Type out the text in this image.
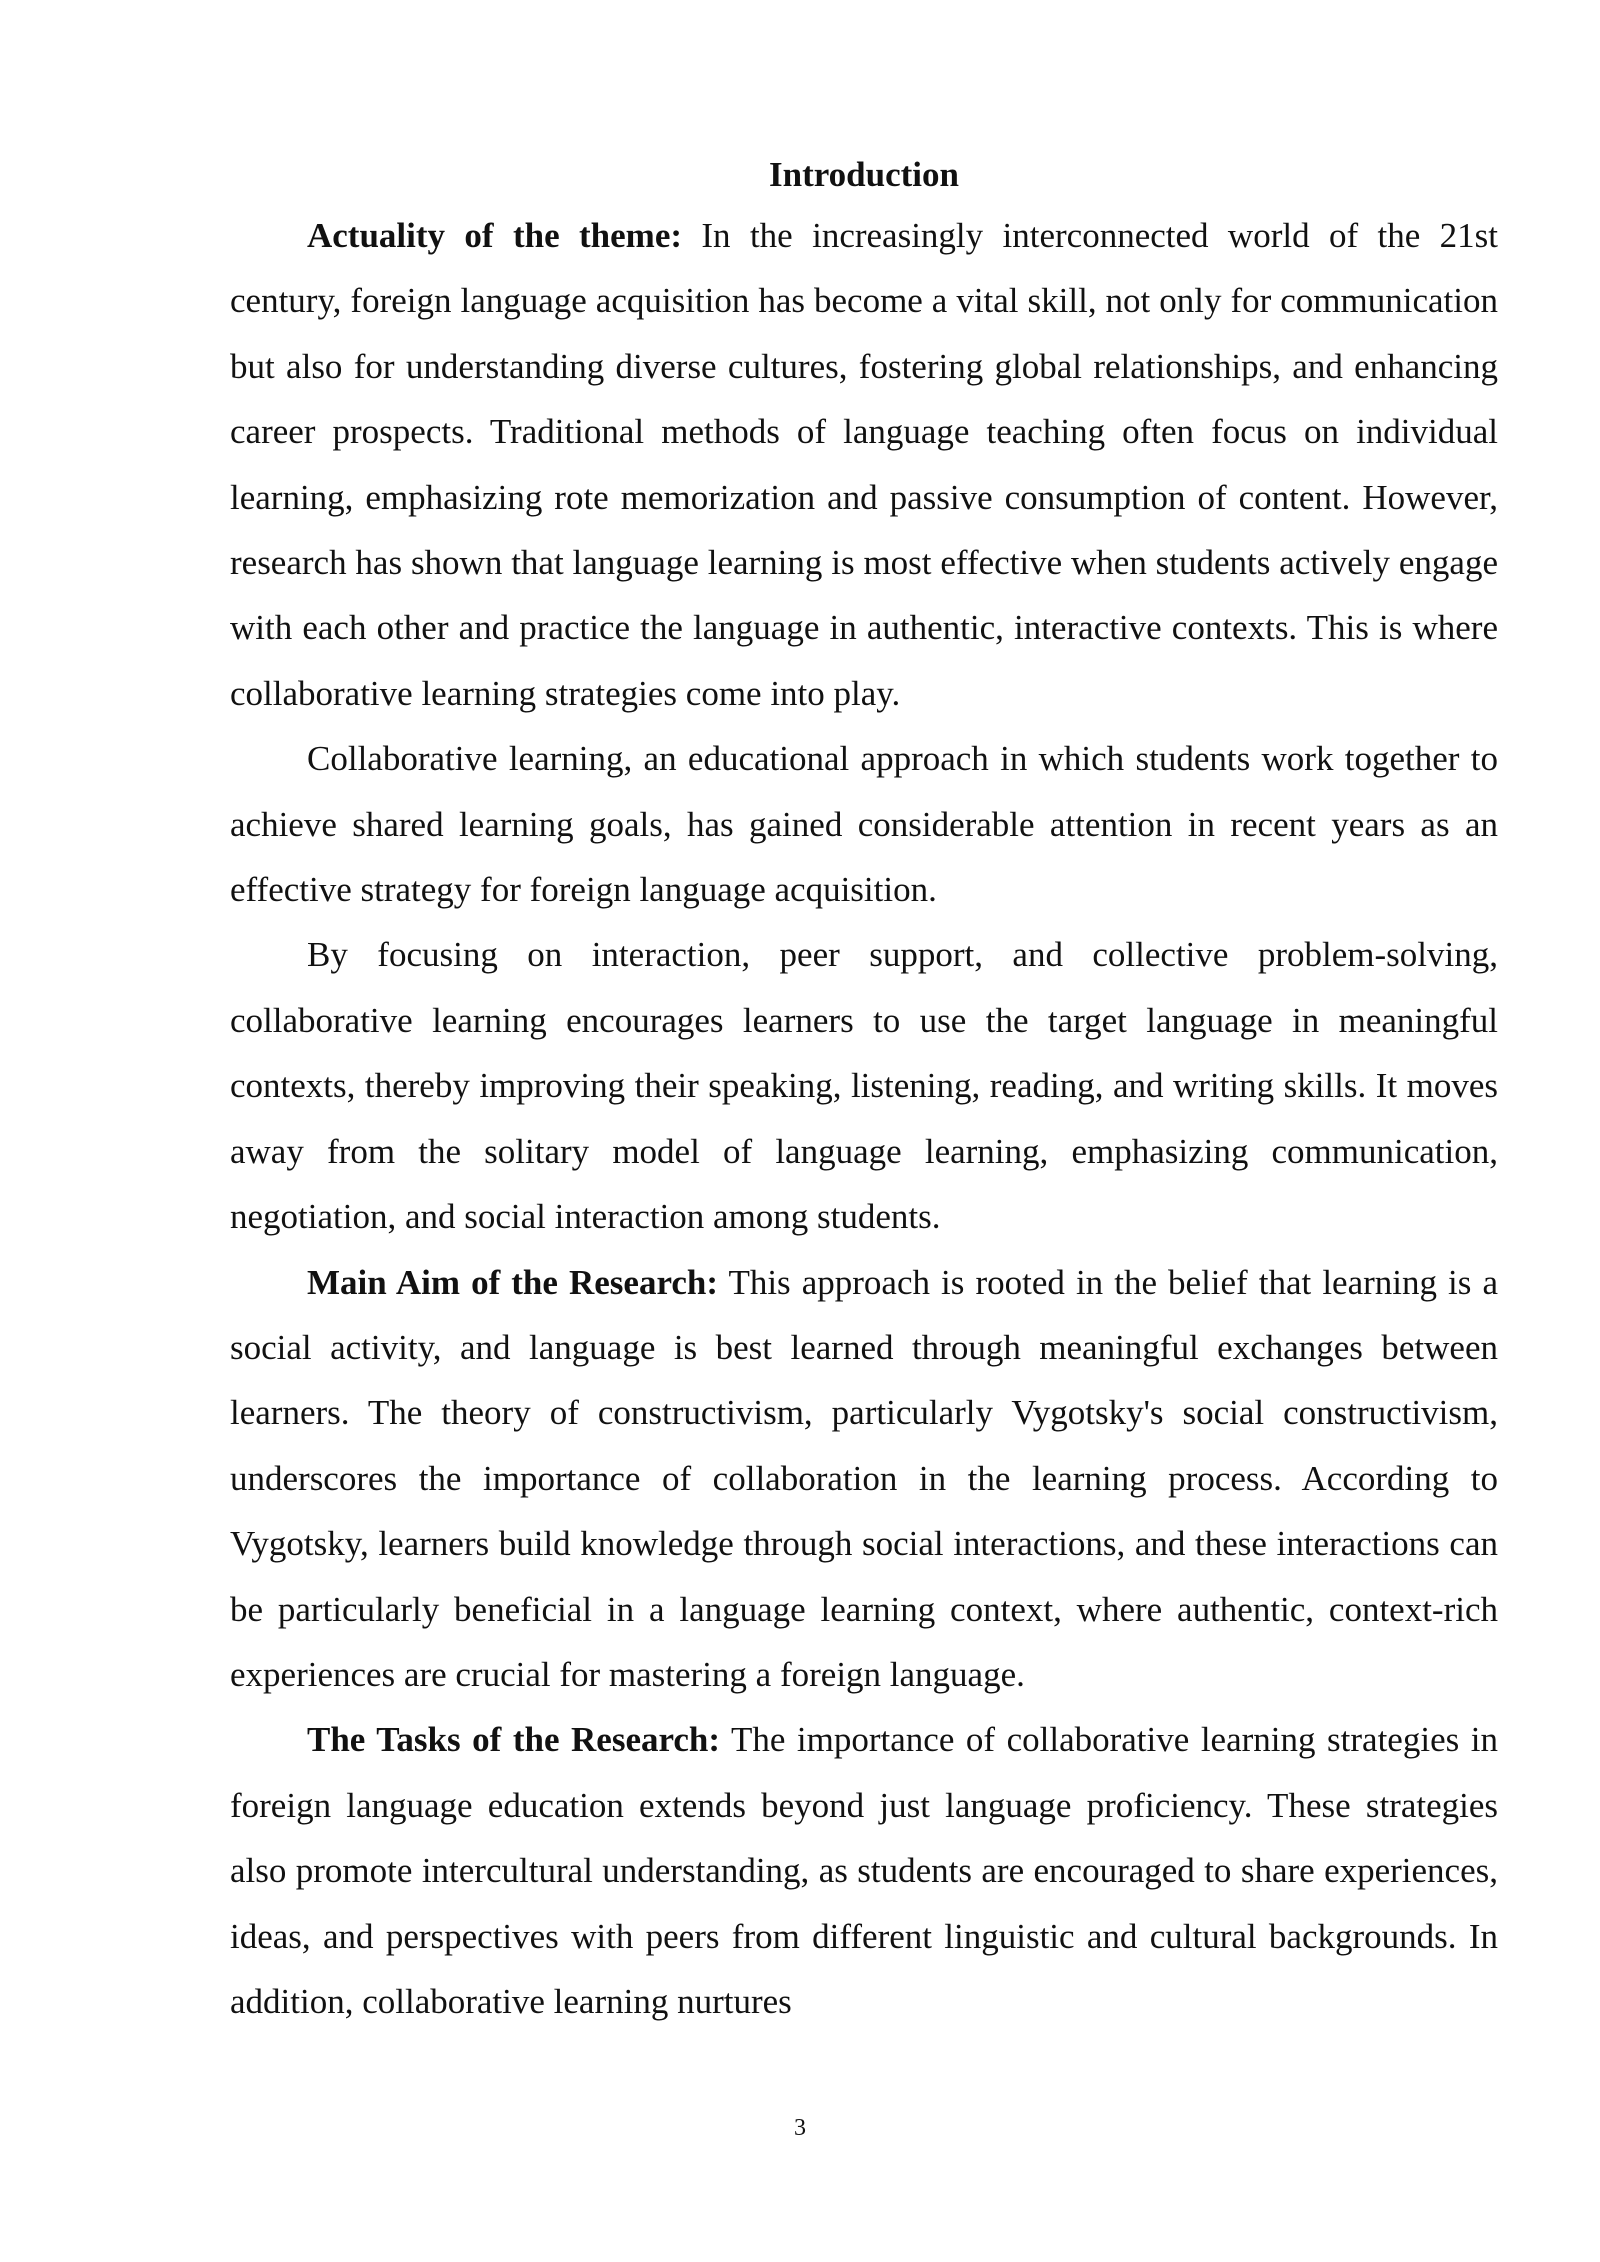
Introduction

Actuality of the theme: In the increasingly interconnected world of the 21st century, foreign language acquisition has become a vital skill, not only for communication but also for understanding diverse cultures, fostering global relationships, and enhancing career prospects. Traditional methods of language teaching often focus on individual learning, emphasizing rote memorization and passive consumption of content. However, research has shown that language learning is most effective when students actively engage with each other and practice the language in authentic, interactive contexts. This is where collaborative learning strategies come into play.

Collaborative learning, an educational approach in which students work together to achieve shared learning goals, has gained considerable attention in recent years as an effective strategy for foreign language acquisition.

By focusing on interaction, peer support, and collective problem-solving, collaborative learning encourages learners to use the target language in meaningful contexts, thereby improving their speaking, listening, reading, and writing skills. It moves away from the solitary model of language learning, emphasizing communication, negotiation, and social interaction among students.

Main Aim of the Research: This approach is rooted in the belief that learning is a social activity, and language is best learned through meaningful exchanges between learners. The theory of constructivism, particularly Vygotsky's social constructivism, underscores the importance of collaboration in the learning process. According to Vygotsky, learners build knowledge through social interactions, and these interactions can be particularly beneficial in a language learning context, where authentic, context-rich experiences are crucial for mastering a foreign language.

The Tasks of the Research: The importance of collaborative learning strategies in foreign language education extends beyond just language proficiency. These strategies also promote intercultural understanding, as students are encouraged to share experiences, ideas, and perspectives with peers from different linguistic and cultural backgrounds. In addition, collaborative learning nurtures

3
